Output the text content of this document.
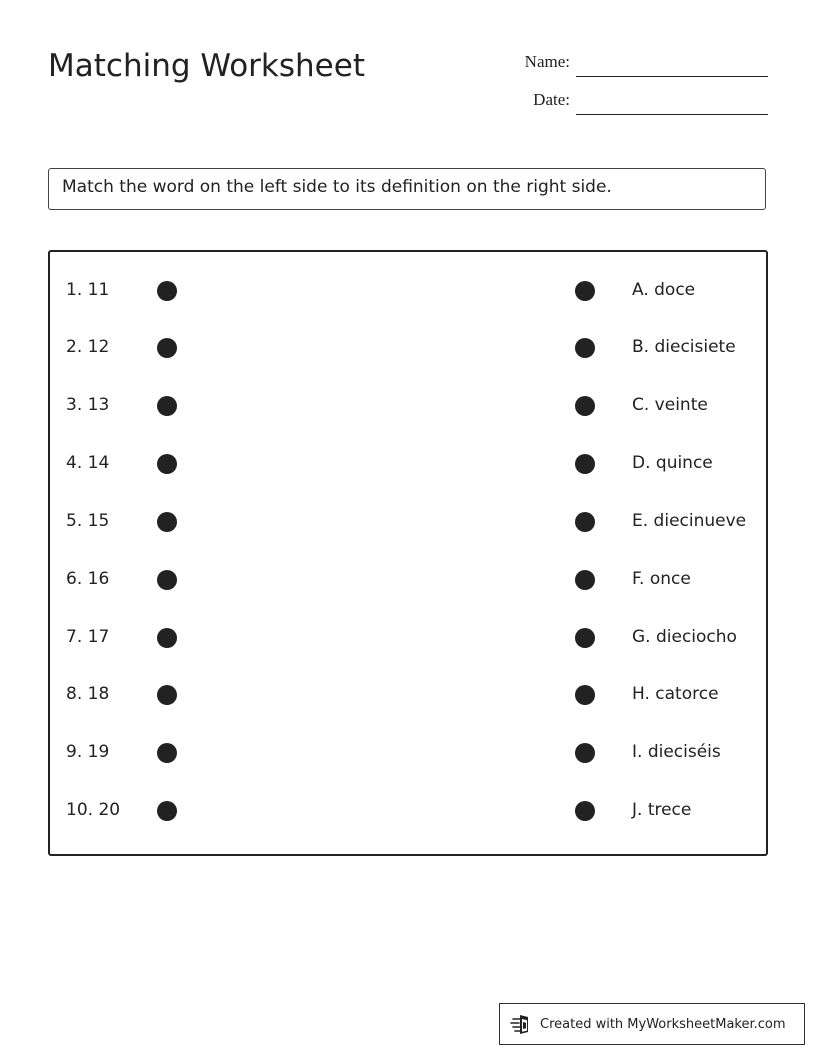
Matching Worksheet	Name:
Date:
Match the word on the left side to its definition on the right side.
1. 11	A. doce
2. 12	B. diecisiete
3. 13	C. veinte
4. 14	D. quince
5. 15	E. diecinueve
6. 16	F. once
7. 17	G. dieciocho
8. 18	H. catorce
9. 19	I. dieciséis
10. 20	J. trece
Created with MyWorksheetMaker.com
